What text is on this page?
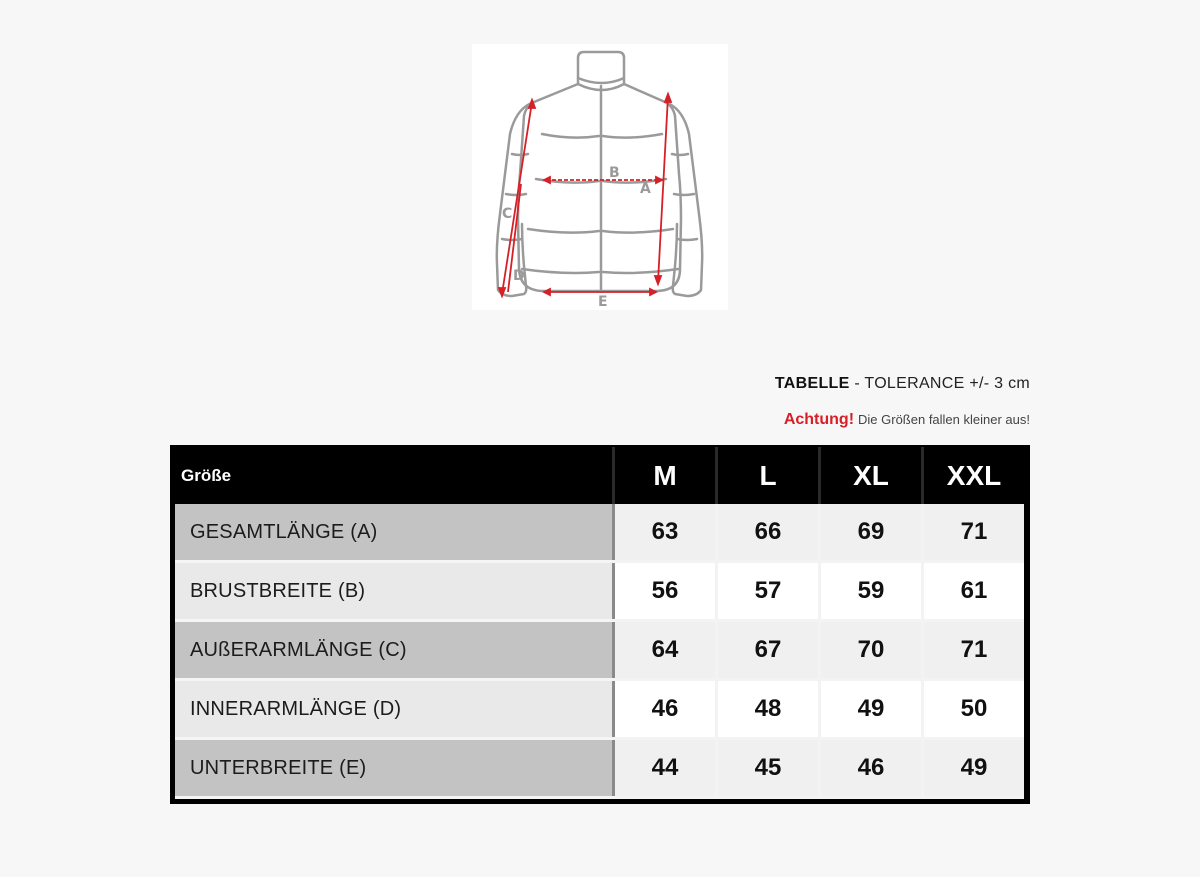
B
A
C
D
E
TABELLE - TOLERANCE +/- 3 cm
Achtung! Die Größen fallen kleiner aus!
Größe	M	L	XL	XXL
GESAMTLÄNGE (A)	63	66	69	71
BRUSTBREITE (B)	56	57	59	61
AUßERARMLÄNGE (C)	64	67	70	71
INNERARMLÄNGE (D)	46	48	49	50
UNTERBREITE (E)	44	45	46	49
